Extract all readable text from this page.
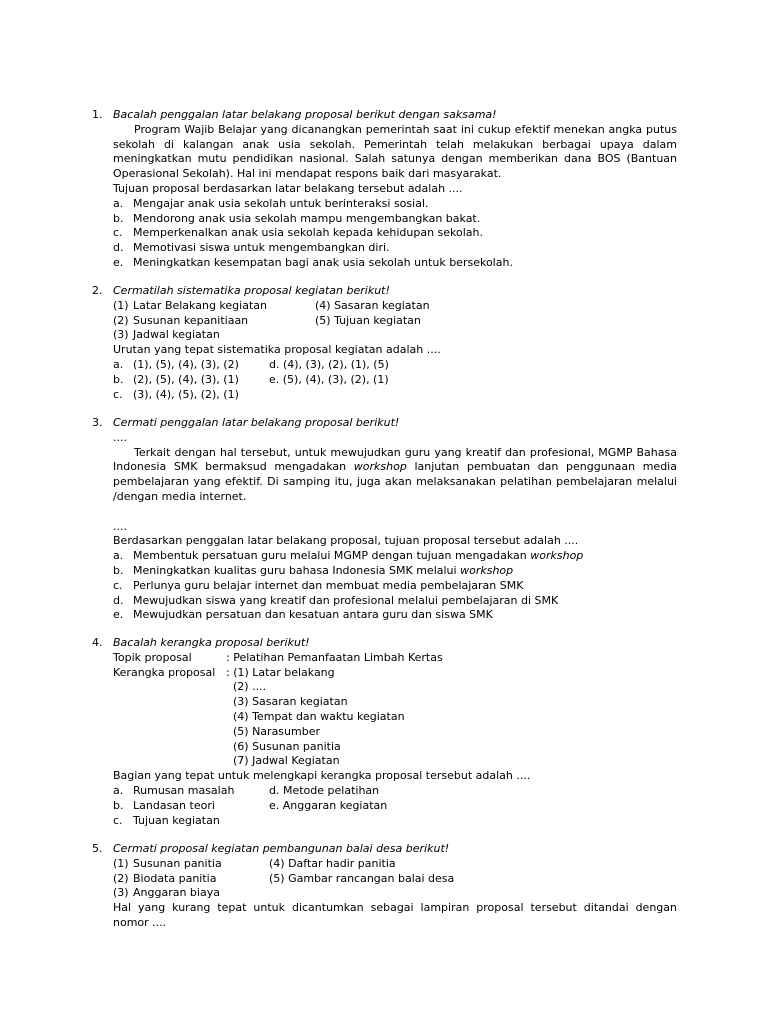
1. Bacalah penggalan latar belakang proposal berikut dengan saksama!
Program Wajib Belajar yang dicanangkan pemerintah saat ini cukup efektif menekan angka putus sekolah di kalangan anak usia sekolah. Pemerintah telah melakukan berbagai upaya dalam meningkatkan mutu pendidikan nasional. Salah satunya dengan memberikan dana BOS (Bantuan Operasional Sekolah). Hal ini mendapat respons baik dari masyarakat.
Tujuan proposal berdasarkan latar belakang tersebut adalah ....
a. Mengajar anak usia sekolah untuk berinteraksi sosial.
b. Mendorong anak usia sekolah mampu mengembangkan bakat.
c. Memperkenalkan anak usia sekolah kepada kehidupan sekolah.
d. Memotivasi siswa untuk mengembangkan diri.
e. Meningkatkan kesempatan bagi anak usia sekolah untuk bersekolah.
2. Cermatilah sistematika proposal kegiatan berikut!
(1) Latar Belakang kegiatan	(4) Sasaran kegiatan
(2) Susunan kepanitiaan	(5) Tujuan kegiatan
(3) Jadwal kegiatan
Urutan yang tepat sistematika proposal kegiatan adalah ....
a. (1), (5), (4), (3), (2)	d. (4), (3), (2), (1), (5)
b. (2), (5), (4), (3), (1)	e. (5), (4), (3), (2), (1)
c. (3), (4), (5), (2), (1)
3. Cermati penggalan latar belakang proposal berikut!
....
Terkait dengan hal tersebut, untuk mewujudkan guru yang kreatif dan profesional, MGMP Bahasa Indonesia SMK bermaksud mengadakan workshop lanjutan pembuatan dan penggunaan media pembelajaran yang efektif. Di samping itu, juga akan melaksanakan pelatihan pembelajaran melalui /dengan media internet.
....
Berdasarkan penggalan latar belakang proposal, tujuan proposal tersebut adalah ....
a. Membentuk persatuan guru melalui MGMP dengan tujuan mengadakan workshop
b. Meningkatkan kualitas guru bahasa Indonesia SMK melalui workshop
c. Perlunya guru belajar internet dan membuat media pembelajaran SMK
d. Mewujudkan siswa yang kreatif dan profesional melalui pembelajaran di SMK
e. Mewujudkan persatuan dan kesatuan antara guru dan siswa SMK
4. Bacalah kerangka proposal berikut!
Topik proposal	: Pelatihan Pemanfaatan Limbah Kertas
Kerangka proposal : (1) Latar belakang
(2) ....
(3) Sasaran kegiatan
(4) Tempat dan waktu kegiatan
(5) Narasumber
(6) Susunan panitia
(7) Jadwal Kegiatan
Bagian yang tepat untuk melengkapi kerangka proposal tersebut adalah ....
a. Rumusan masalah	d. Metode pelatihan
b. Landasan teori	e. Anggaran kegiatan
c. Tujuan kegiatan
5. Cermati proposal kegiatan pembangunan balai desa berikut!
(1) Susunan panitia	(4) Daftar hadir panitia
(2) Biodata panitia	(5) Gambar rancangan balai desa
(3) Anggaran biaya
Hal yang kurang tepat untuk dicantumkan sebagai lampiran proposal tersebut ditandai dengan nomor ....
